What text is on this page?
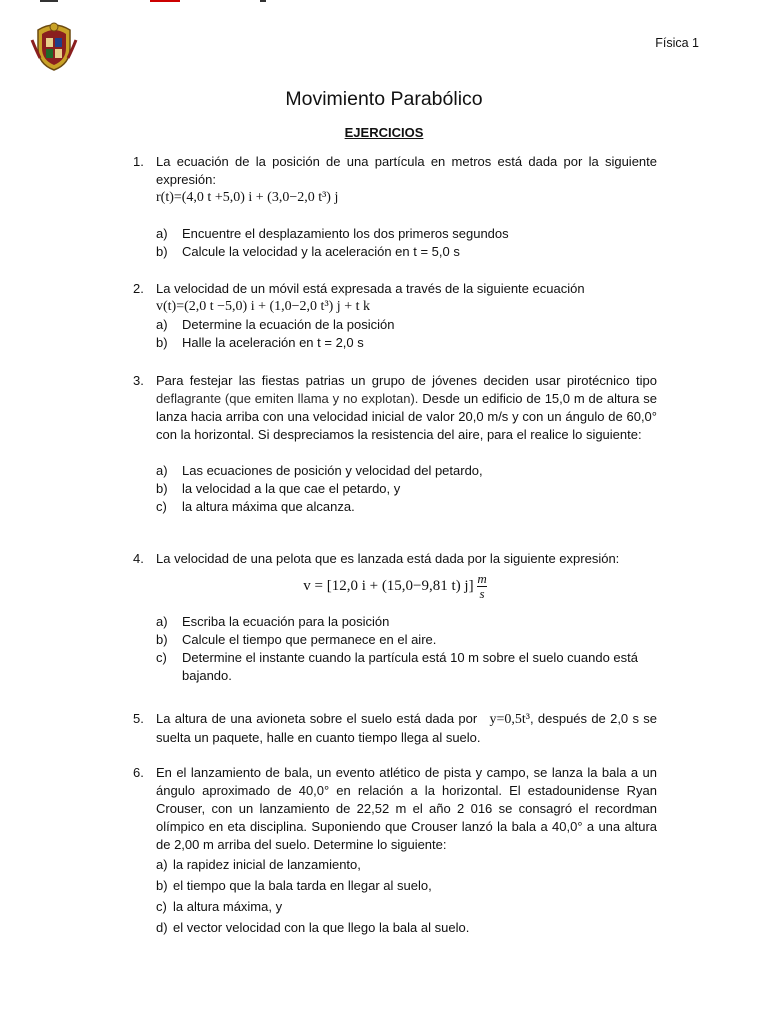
Física 1
Movimiento Parabólico
EJERCICIOS
1. La ecuación de la posición de una partícula en metros está dada por la siguiente expresión:
r(t)=(4,0 t +5,0) i + (3,0−2,0 t³) j
a) Encuentre el desplazamiento los dos primeros segundos
b) Calcule la velocidad y la aceleración en t = 5,0 s
2. La velocidad de un móvil está expresada a través de la siguiente ecuación
v(t)=(2,0 t −5,0) i + (1,0−2,0 t³) j + t k
a) Determine la ecuación de la posición
b) Halle la aceleración en t = 2,0 s
3. Para festejar las fiestas patrias un grupo de jóvenes deciden usar pirotécnico tipo deflagrante (que emiten llama y no explotan). Desde un edificio de 15,0 m de altura se lanza hacia arriba con una velocidad inicial de valor 20,0 m/s y con un ángulo de 60,0° con la horizontal. Si despreciamos la resistencia del aire, para el realice lo siguiente:
a) Las ecuaciones de posición y velocidad del petardo,
b) la velocidad a la que cae el petardo, y
c) la altura máxima que alcanza.
4. La velocidad de una pelota que es lanzada está dada por la siguiente expresión:
v = [12,0 i + (15,0−9,81 t) $j] \frac{m}{s}$
a) Escriba la ecuación para la posición
b) Calcule el tiempo que permanece en el aire.
c) Determine el instante cuando la partícula está 10 m sobre el suelo cuando está bajando.
5. La altura de una avioneta sobre el suelo está dada por y=0,5t³, después de 2,0 s se suelta un paquete, halle en cuanto tiempo llega al suelo.
6. En el lanzamiento de bala, un evento atlético de pista y campo, se lanza la bala a un ángulo aproximado de 40,0° en relación a la horizontal. El estadounidense Ryan Crouser, con un lanzamiento de 22,52 m el año 2 016 se consagró el recordman olímpico en eta disciplina. Suponiendo que Crouser lanzó la bala a 40,0° a una altura de 2,00 m arriba del suelo. Determine lo siguiente:
a) la rapidez inicial de lanzamiento,
b) el tiempo que la bala tarda en llegar al suelo,
c) la altura máxima, y
d) el vector velocidad con la que llego la bala al suelo.
